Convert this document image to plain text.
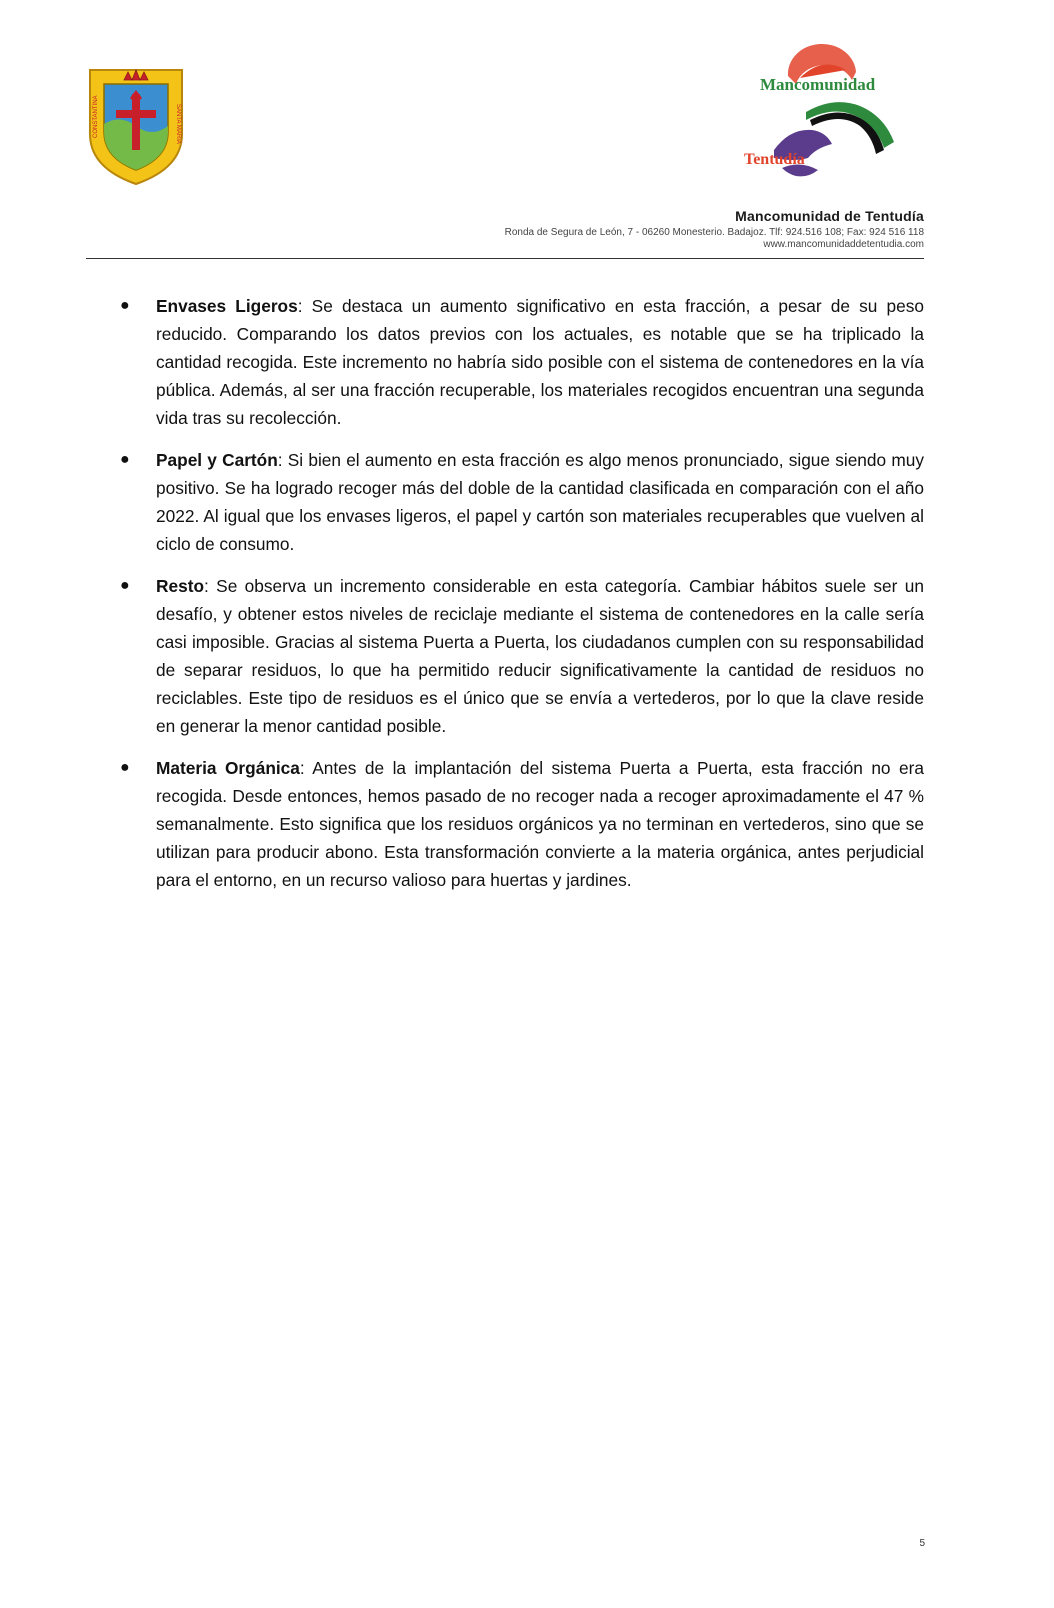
CONSTANTINA	SANTA MARIA
Mancomunidad
Tentudía
Mancomunidad de Tentudía
Ronda de Segura de León, 7 - 06260 Monesterio. Badajoz. Tlf: 924.516 108; Fax: 924 516 118
www.mancomunidaddetentudia.com
● Envases Ligeros: Se destaca un aumento significativo en esta fracción, a pesar de su peso reducido. Comparando los datos previos con los actuales, es notable que se ha triplicado la cantidad recogida. Este incremento no habría sido posible con el sistema de contenedores en la vía pública. Además, al ser una fracción recuperable, los materiales recogidos encuentran una segunda vida tras su recolección.
● Papel y Cartón: Si bien el aumento en esta fracción es algo menos pronunciado, sigue siendo muy positivo. Se ha logrado recoger más del doble de la cantidad clasificada en comparación con el año 2022. Al igual que los envases ligeros, el papel y cartón son materiales recuperables que vuelven al ciclo de consumo.
● Resto: Se observa un incremento considerable en esta categoría. Cambiar hábitos suele ser un desafío, y obtener estos niveles de reciclaje mediante el sistema de contenedores en la calle sería casi imposible. Gracias al sistema Puerta a Puerta, los ciudadanos cumplen con su responsabilidad de separar residuos, lo que ha permitido reducir significativamente la cantidad de residuos no reciclables. Este tipo de residuos es el único que se envía a vertederos, por lo que la clave reside en generar la menor cantidad posible.
● Materia Orgánica: Antes de la implantación del sistema Puerta a Puerta, esta fracción no era recogida. Desde entonces, hemos pasado de no recoger nada a recoger aproximadamente el 47 % semanalmente. Esto significa que los residuos orgánicos ya no terminan en vertederos, sino que se utilizan para producir abono. Esta transformación convierte a la materia orgánica, antes perjudicial para el entorno, en un recurso valioso para huertas y jardines.
5
